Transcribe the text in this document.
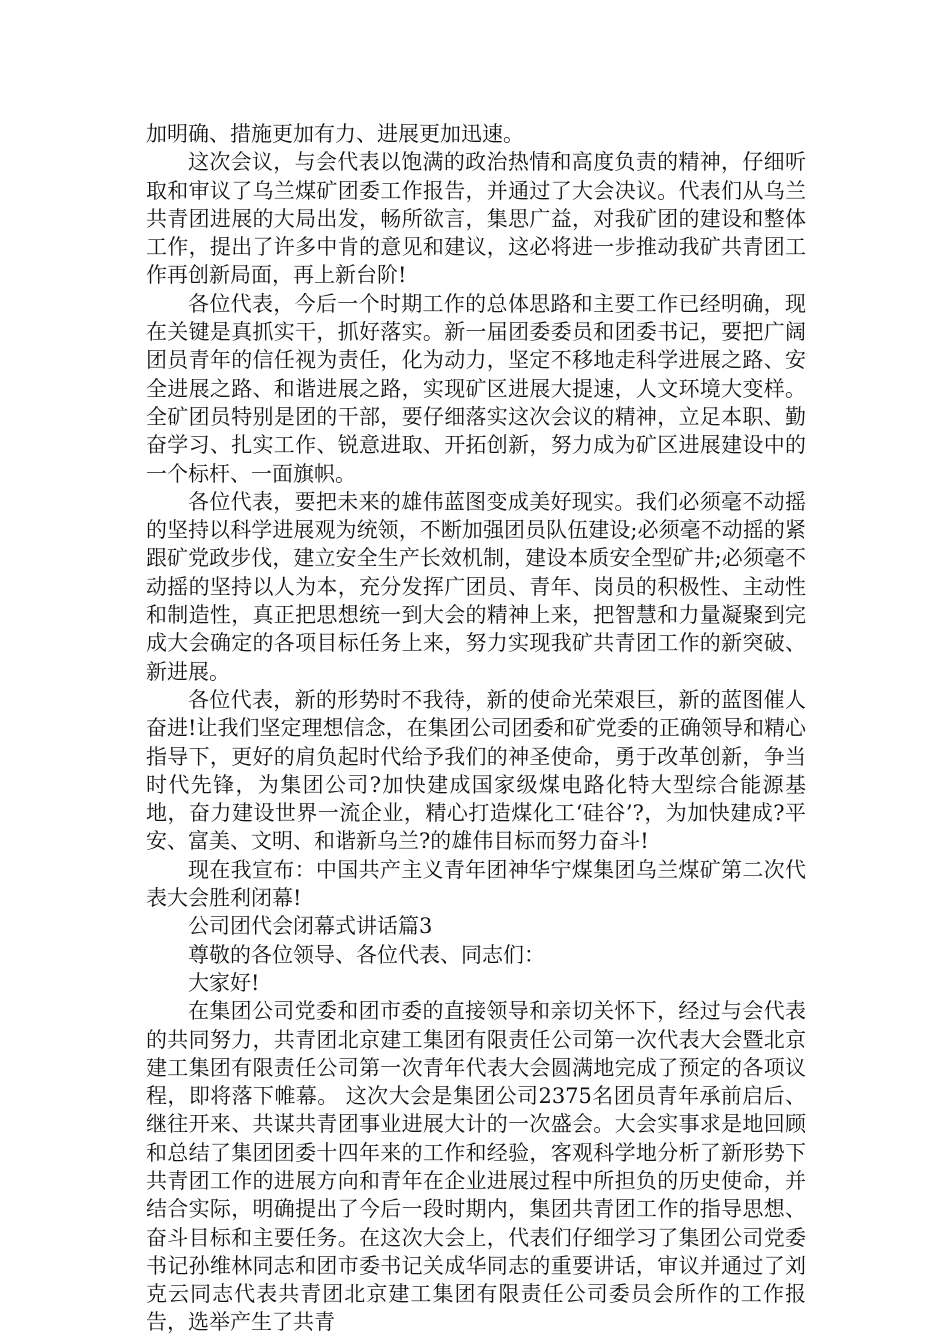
加明确、措施更加有力、进展更加迅速。

这次会议，与会代表以饱满的政治热情和高度负责的精神，仔细听取和审议了乌兰煤矿团委工作报告，并通过了大会决议。代表们从乌兰共青团进展的大局出发，畅所欲言，集思广益，对我矿团的建设和整体工作，提出了许多中肯的意见和建议，这必将进一步推动我矿共青团工作再创新局面，再上新台阶!

各位代表，今后一个时期工作的总体思路和主要工作已经明确，现在关键是真抓实干，抓好落实。新一届团委委员和团委书记，要把广阔团员青年的信任视为责任，化为动力，坚定不移地走科学进展之路、安全进展之路、和谐进展之路，实现矿区进展大提速，人文环境大变样。全矿团员特别是团的干部，要仔细落实这次会议的精神，立足本职、勤奋学习、扎实工作、锐意进取、开拓创新，努力成为矿区进展建设中的一个标杆、一面旗帜。

各位代表，要把未来的雄伟蓝图变成美好现实。我们必须毫不动摇的坚持以科学进展观为统领，不断加强团员队伍建设;必须毫不动摇的紧跟矿党政步伐，建立安全生产长效机制，建设本质安全型矿井;必须毫不动摇的坚持以人为本，充分发挥广团员、青年、岗员的积极性、主动性和制造性，真正把思想统一到大会的精神上来，把智慧和力量凝聚到完成大会确定的各项目标任务上来，努力实现我矿共青团工作的新突破、新进展。

各位代表，新的形势时不我待，新的使命光荣艰巨，新的蓝图催人奋进!让我们坚定理想信念，在集团公司团委和矿党委的正确领导和精心指导下，更好的肩负起时代给予我们的神圣使命，勇于改革创新，争当时代先锋，为集团公司?加快建成国家级煤电路化特大型综合能源基地，奋力建设世界一流企业，精心打造煤化工‘硅谷’?，为加快建成?平安、富美、文明、和谐新乌兰?的雄伟目标而努力奋斗!

现在我宣布：中国共产主义青年团神华宁煤集团乌兰煤矿第二次代表大会胜利闭幕!

公司团代会闭幕式讲话篇3

尊敬的各位领导、各位代表、同志们：

大家好!

在集团公司党委和团市委的直接领导和亲切关怀下，经过与会代表的共同努力，共青团北京建工集团有限责任公司第一次代表大会暨北京建工集团有限责任公司第一次青年代表大会圆满地完成了预定的各项议程，即将落下帷幕。 这次大会是集团公司2375名团员青年承前启后、继往开来、共谋共青团事业进展大计的一次盛会。大会实事求是地回顾和总结了集团团委十四年来的工作和经验，客观科学地分析了新形势下共青团工作的进展方向和青年在企业进展过程中所担负的历史使命，并结合实际，明确提出了今后一段时期内，集团共青团工作的指导思想、奋斗目标和主要任务。在这次大会上，代表们仔细学习了集团公司党委书记孙维林同志和团市委书记关成华同志的重要讲话，审议并通过了刘克云同志代表共青团北京建工集团有限责任公司委员会所作的工作报告，选举产生了共青
